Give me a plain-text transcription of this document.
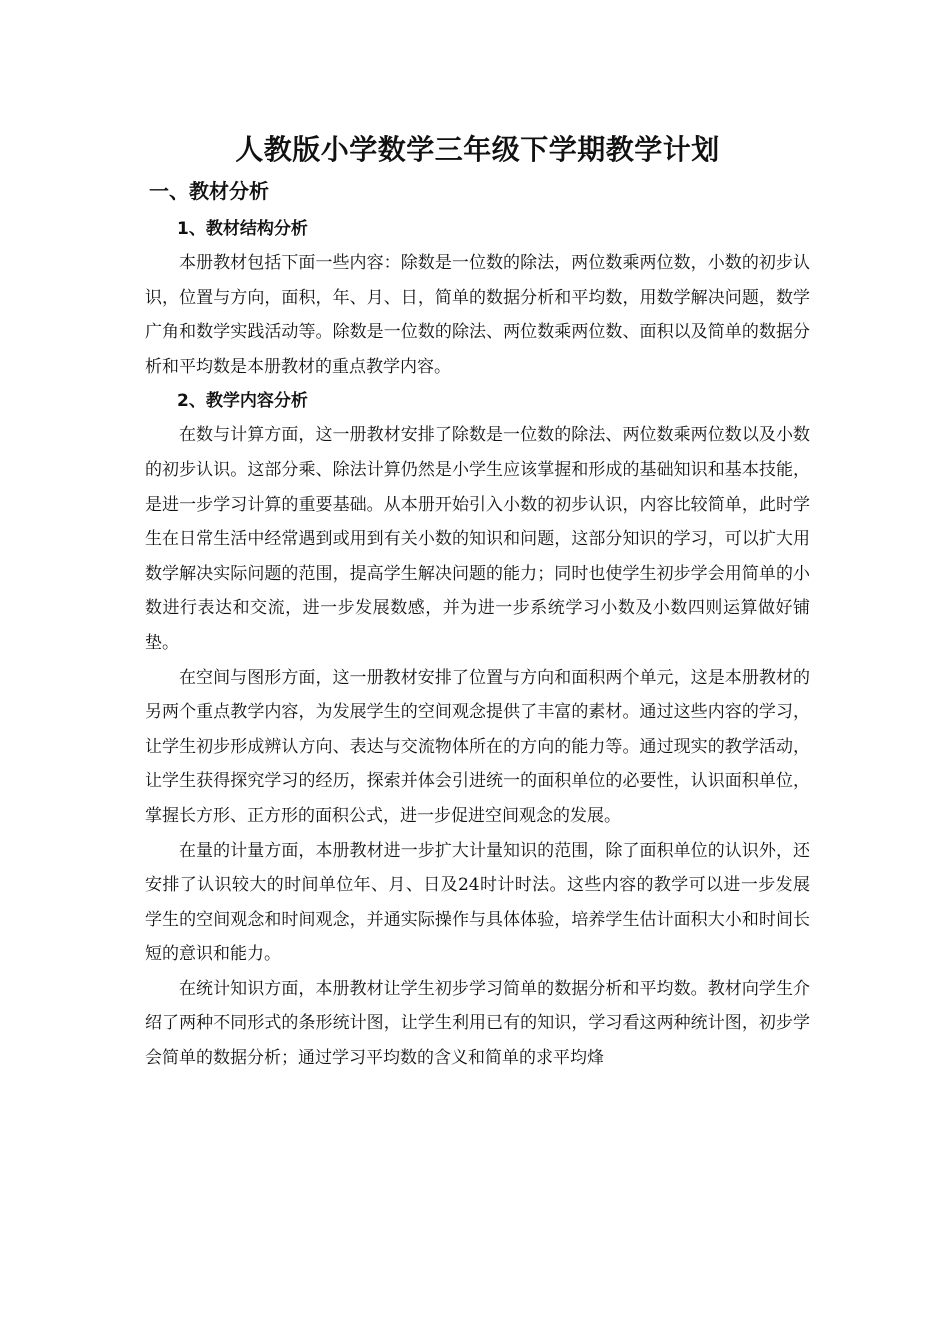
人教版小学数学三年级下学期教学计划
一、教材分析
1、教材结构分析

本册教材包括下面一些内容：除数是一位数的除法，两位数乘两位数，小数的初步认识，位置与方向，面积，年、月、日，简单的数据分析和平均数，用数学解决问题，数学广角和数学实践活动等。除数是一位数的除法、两位数乘两位数、面积以及简单的数据分析和平均数是本册教材的重点教学内容。

2、教学内容分析

在数与计算方面，这一册教材安排了除数是一位数的除法、两位数乘两位数以及小数的初步认识。这部分乘、除法计算仍然是小学生应该掌握和形成的基础知识和基本技能，是进一步学习计算的重要基础。从本册开始引入小数的初步认识，内容比较简单，此时学生在日常生活中经常遇到或用到有关小数的知识和问题，这部分知识的学习，可以扩大用数学解决实际问题的范围，提高学生解决问题的能力；同时也使学生初步学会用简单的小数进行表达和交流，进一步发展数感，并为进一步系统学习小数及小数四则运算做好铺垫。

在空间与图形方面，这一册教材安排了位置与方向和面积两个单元，这是本册教材的另两个重点教学内容，为发展学生的空间观念提供了丰富的素材。通过这些内容的学习，让学生初步形成辨认方向、表达与交流物体所在的方向的能力等。通过现实的教学活动，让学生获得探究学习的经历，探索并体会引进统一的面积单位的必要性，认识面积单位，掌握长方形、正方形的面积公式，进一步促进空间观念的发展。

在量的计量方面，本册教材进一步扩大计量知识的范围，除了面积单位的认识外，还安排了认识较大的时间单位年、月、日及24时计时法。这些内容的教学可以进一步发展学生的空间观念和时间观念，并通实际操作与具体体验，培养学生估计面积大小和时间长短的意识和能力。

在统计知识方面，本册教材让学生初步学习简单的数据分析和平均数。教材向学生介绍了两种不同形式的条形统计图，让学生利用已有的知识，学习看这两种统计图，初步学会简单的数据分析；通过学习平均数的含义和简单的求平均烽
